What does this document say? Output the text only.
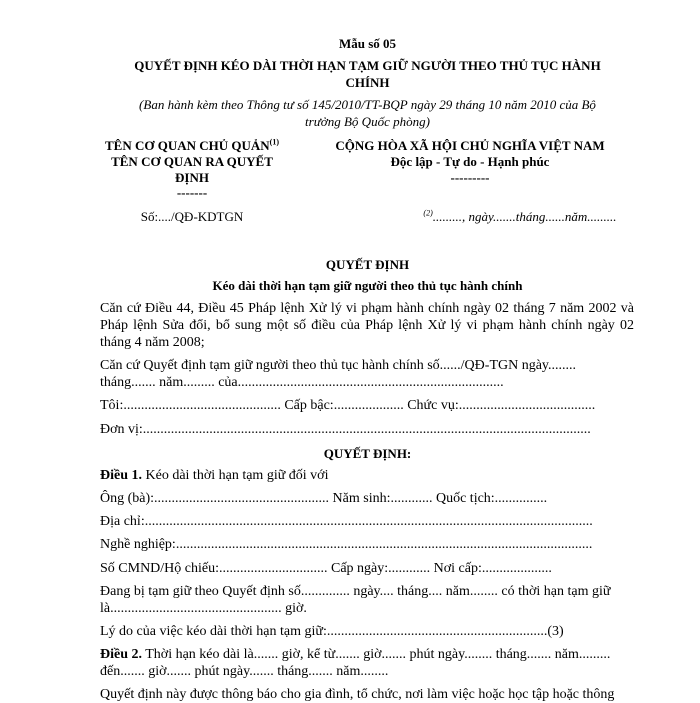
Mẫu số 05
QUYẾT ĐỊNH KÉO DÀI THỜI HẠN TẠM GIỮ NGƯỜI THEO THỦ TỤC HÀNH
CHÍNH
(Ban hành kèm theo Thông tư số 145/2010/TT-BQP ngày 29 tháng 10 năm 2010 của Bộ
trưởng Bộ Quốc phòng)
TÊN CƠ QUAN CHỦ QUẢN$^{(1)}$
TÊN CƠ QUAN RA QUYẾT
ĐỊNH
-------
Số:..../QĐ-KDTGN
CỘNG HÒA XÃ HỘI CHỦ NGHĨA VIỆT NAM
Độc lập - Tự do - Hạnh phúc
---------
$^{(2)}$........., ngày.......tháng......năm.........
QUYẾT ĐỊNH
Kéo dài thời hạn tạm giữ người theo thủ tục hành chính
Căn cứ Điều 44, Điều 45 Pháp lệnh Xử lý vi phạm hành chính ngày 02 tháng 7 năm 2002 và Pháp lệnh Sửa đổi, bổ sung một số điều của Pháp lệnh Xử lý vi phạm hành chính ngày 02 tháng 4 năm 2008;
Căn cứ Quyết định tạm giữ người theo thủ tục hành chính số....../QĐ-TGN ngày........
tháng....... năm......... của............................................................................
Tôi:............................................. Cấp bậc:.................... Chức vụ:.......................................
Đơn vị:................................................................................................................................
QUYẾT ĐỊNH:
Điều 1. Kéo dài thời hạn tạm giữ đối với
Ông (bà):.................................................. Năm sinh:............ Quốc tịch:...............
Địa chỉ:................................................................................................................................
Nghề nghiệp:.......................................................................................................................
Số CMND/Hộ chiếu:............................... Cấp ngày:............ Nơi cấp:....................
Đang bị tạm giữ theo Quyết định số.............. ngày.... tháng.... năm........ có thời hạn tạm giữ
là................................................. giờ.
Lý do của việc kéo dài thời hạn tạm giữ:...............................................................(3)
Điều 2. Thời hạn kéo dài là....... giờ, kể từ....... giờ....... phút ngày........ tháng....... năm.........
đến....... giờ....... phút ngày....... tháng....... năm........
Quyết định này được thông báo cho gia đình, tổ chức, nơi làm việc hoặc học tập hoặc thông
